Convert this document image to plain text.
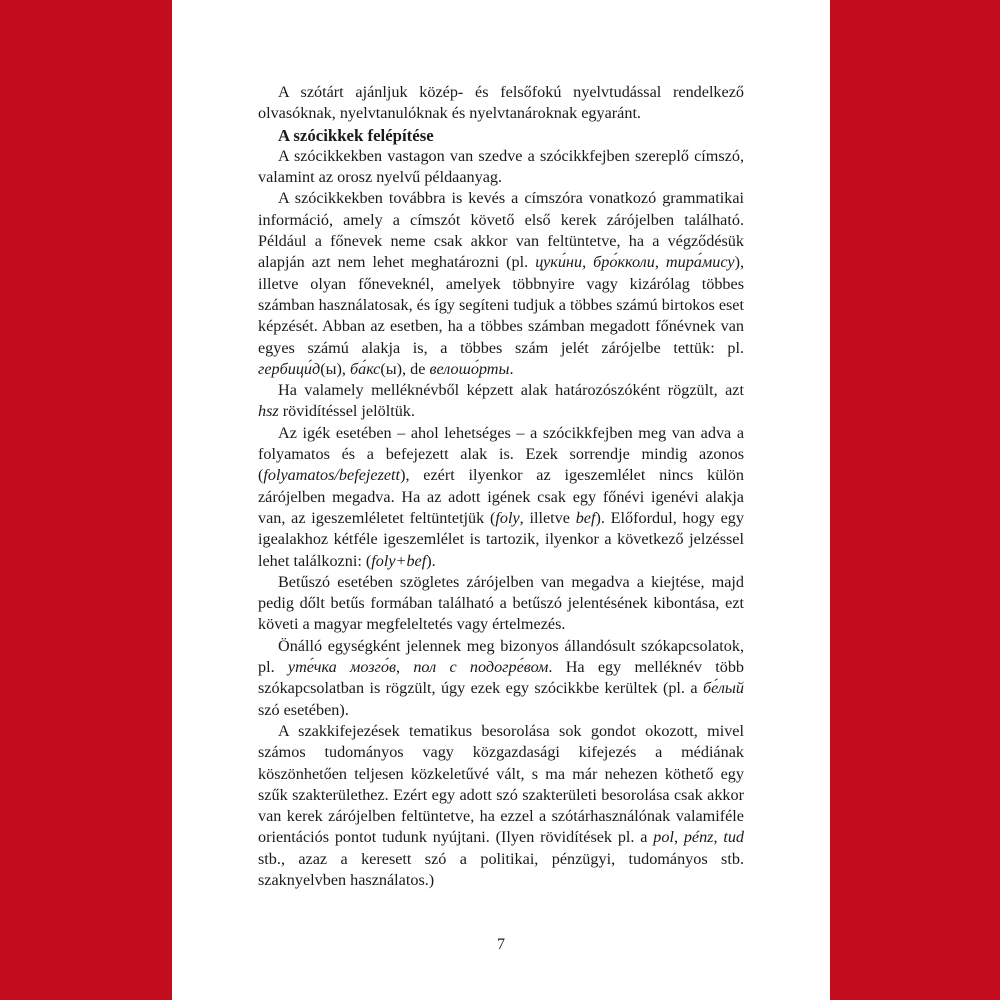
A szótárt ajánljuk közép- és felsőfokú nyelvtudással rendelkező olvasóknak, nyelvtanulóknak és nyelvtanároknak egyaránt.

A szócikkek felépítése

A szócikkekben vastagon van szedve a szócikkfejben szereplő címszó, valamint az orosz nyelvű példaanyag.

A szócikkekben továbbra is kevés a címszóra vonatkozó grammatikai információ, amely a címszót követő első kerek zárójelben található. Például a főnevek neme csak akkor van feltüntetve, ha a végződésük alapján azt nem lehet meghatározni (pl. цуки́ни, бро́кколи, тира́мису), illetve olyan főneveknél, amelyek többnyire vagy kizárólag többes számban használatosak, és így segíteni tudjuk a többes számú birtokos eset képzését. Abban az esetben, ha a többes számban megadott főnévnek van egyes számú alakja is, a többes szám jelét zárójelbe tettük: pl. гербици́д(ы), ба́кс(ы), de велошо́рты.

Ha valamely melléknévből képzett alak határozószóként rögzült, azt hsz rövidítéssel jelöltük.

Az igék esetében – ahol lehetséges – a szócikkfejben meg van adva a folyamatos és a befejezett alak is. Ezek sorrendje mindig azonos (folyamatos/befejezett), ezért ilyenkor az igeszemlélet nincs külön zárójelben megadva. Ha az adott igének csak egy főnévi igenévi alakja van, az igeszemléletet feltüntetjük (foly, illetve bef). Előfordul, hogy egy igealakhoz kétféle igeszemlélet is tartozik, ilyenkor a következő jelzéssel lehet találkozni: (foly+bef).

Betűszó esetében szögletes zárójelben van megadva a kiejtése, majd pedig dőlt betűs formában található a betűszó jelentésének kibontása, ezt követi a magyar megfeleltetés vagy értelmezés.

Önálló egységként jelennek meg bizonyos állandósult szókapcsolatok, pl. уте́чка мозго́в, пол с подогре́вом. Ha egy melléknév több szókapcsolatban is rögzült, úgy ezek egy szócikkbe kerültek (pl. a бе́лый szó esetében).

A szakkifejezések tematikus besorolása sok gondot okozott, mivel számos tudományos vagy közgazdasági kifejezés a médiának köszönhetően teljesen közkeletűvé vált, s ma már nehezen köthető egy szűk szakterülethez. Ezért egy adott szó szakterületi besorolása csak akkor van kerek zárójelben feltüntetve, ha ezzel a szótárhasználónak valamiféle orientációs pontot tudunk nyújtani. (Ilyen rövidítések pl. a pol, pénz, tud stb., azaz a keresett szó a politikai, pénzügyi, tudományos stb. szaknyelvben használatos.)

7
